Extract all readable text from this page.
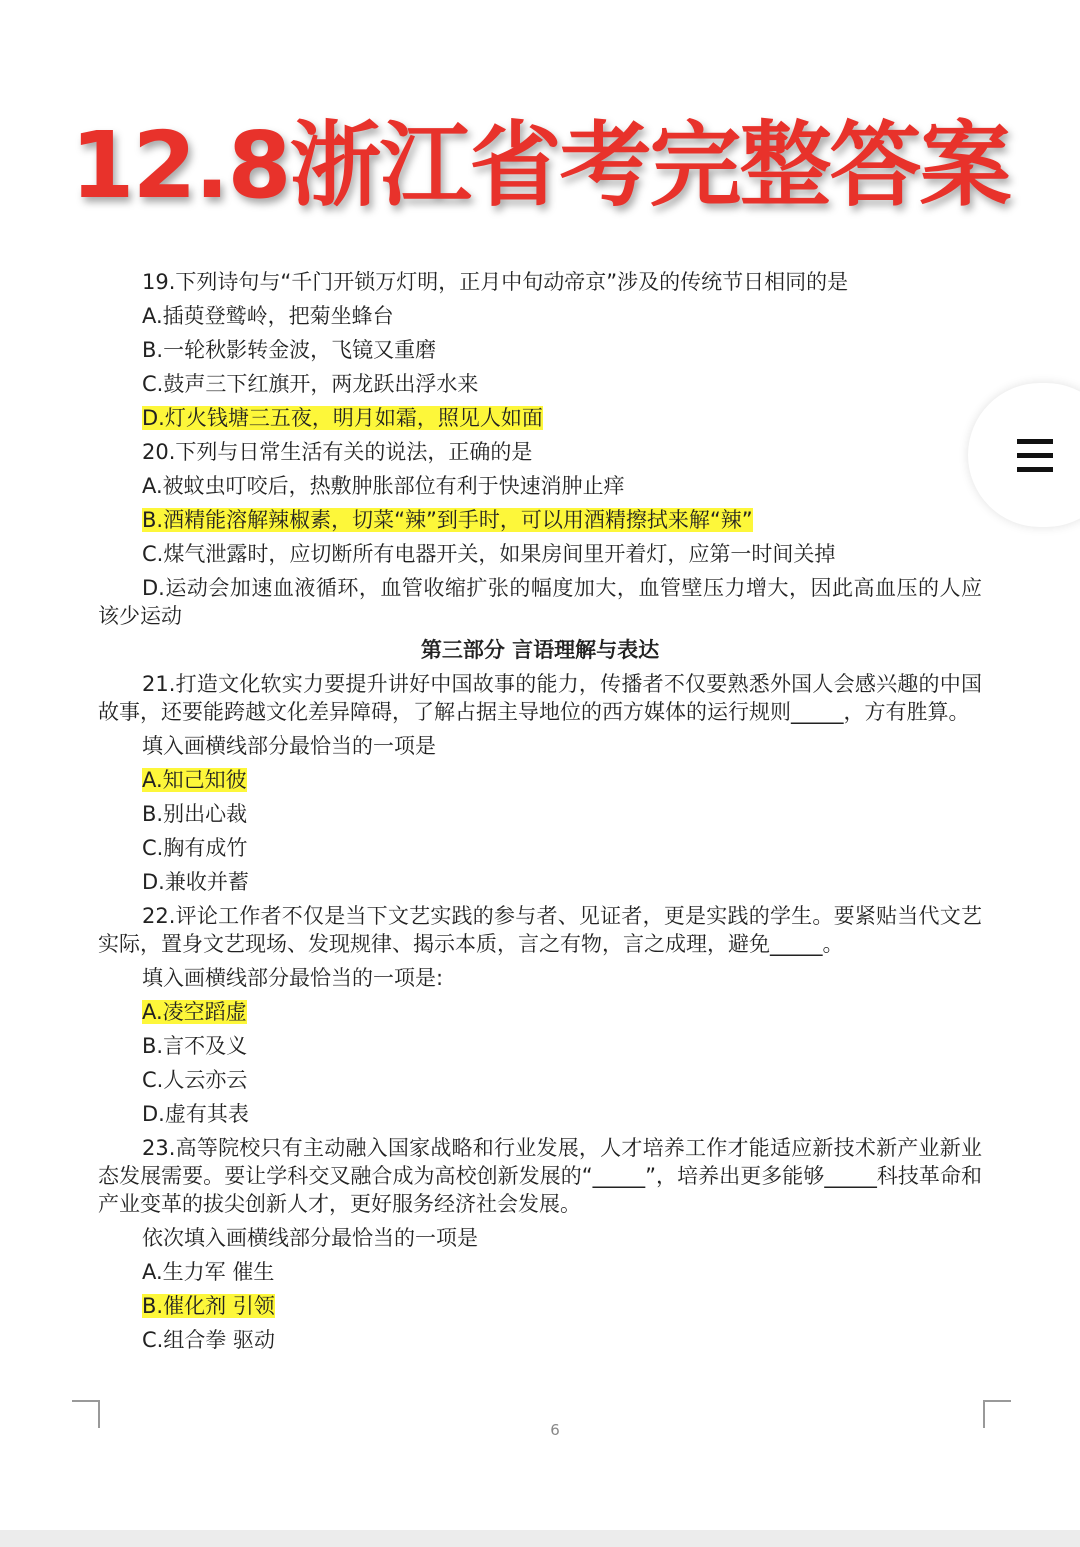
12.8浙江省考完整答案

19.下列诗句与“千门开锁万灯明，正月中旬动帝京”涉及的传统节日相同的是

A.插萸登鹫岭，把菊坐蜂台

B.一轮秋影转金波，飞镜又重磨

C.鼓声三下红旗开，两龙跃出浮水来

D.灯火钱塘三五夜，明月如霜，照见人如面

20.下列与日常生活有关的说法，正确的是

A.被蚊虫叮咬后，热敷肿胀部位有利于快速消肿止痒

B.酒精能溶解辣椒素，切菜“辣”到手时，可以用酒精擦拭来解“辣”

C.煤气泄露时，应切断所有电器开关，如果房间里开着灯，应第一时间关掉

D.运动会加速血液循环，血管收缩扩张的幅度加大，血管壁压力增大，因此高血压的人应该少运动

第三部分 言语理解与表达

21.打造文化软实力要提升讲好中国故事的能力，传播者不仅要熟悉外国人会感兴趣的中国故事，还要能跨越文化差异障碍，了解占据主导地位的西方媒体的运行规则_____，方有胜算。

填入画横线部分最恰当的一项是

A.知己知彼

B.别出心裁

C.胸有成竹

D.兼收并蓄

22.评论工作者不仅是当下文艺实践的参与者、见证者，更是实践的学生。要紧贴当代文艺实际，置身文艺现场、发现规律、揭示本质，言之有物，言之成理，避免_____。

填入画横线部分最恰当的一项是:

A.凌空蹈虚

B.言不及义

C.人云亦云

D.虚有其表

23.高等院校只有主动融入国家战略和行业发展，人才培养工作才能适应新技术新产业新业态发展需要。要让学科交叉融合成为高校创新发展的“_____”，培养出更多能够_____科技革命和产业变革的拔尖创新人才，更好服务经济社会发展。

依次填入画横线部分最恰当的一项是

A.生力军 催生

B.催化剂 引领

C.组合拳 驱动

6
